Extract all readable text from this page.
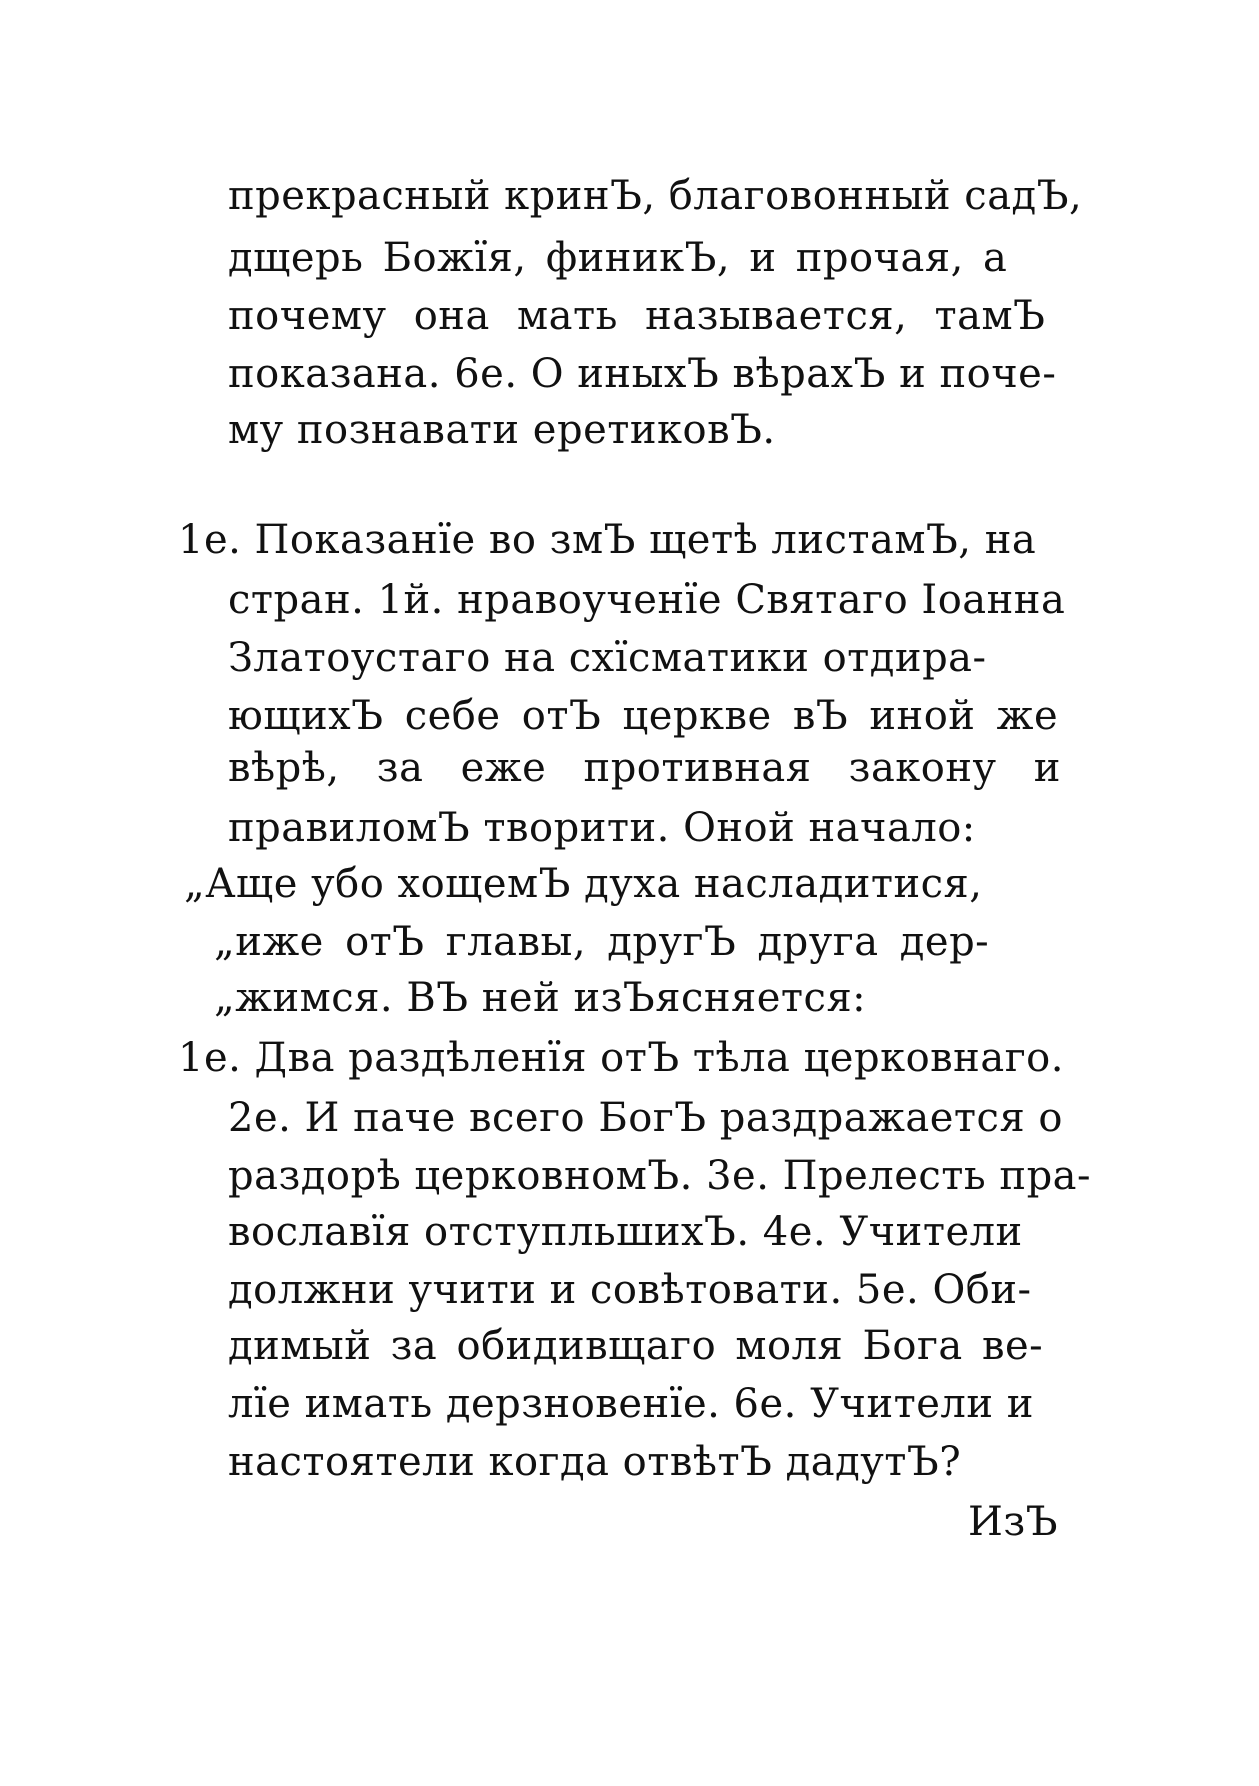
прекрасный кринЪ, благовонный садЪ,
дщерь Божїя, финикЪ, и прочая, а
почему она мать называется, тамЪ
показана. 6е. О иныхЪ вѣрахЪ и поче-
му познавати еретиковЪ.
1е. Показанїе во змЪ щетѣ листамЪ, на
стран. 1й. нравоученїе Святаго Іоанна
Златоустаго на схїсматики отдира-
ющихЪ себе отЪ церкве вЪ иной же
вѣрѣ, за еже противная закону и
правиломЪ творити. Оной начало:
„Аще убо хощемЪ духа насладитися,
„иже отЪ главы, другЪ друга дер-
„жимся. ВЪ ней изЪясняется:
1е. Два раздѣленїя отЪ тѣла церковнаго.
2е. И паче всего БогЪ раздражается о
раздорѣ церковномЪ. 3е. Прелесть пра-
вославїя отступльшихЪ. 4е. Учители
должни учити и совѣтовати. 5е. Оби-
димый за обидивщаго моля Бога ве-
лїе имать дерзновенїе. 6е. Учители и
настоятели когда отвѣтЪ дадутЪ?
ИзЪ
